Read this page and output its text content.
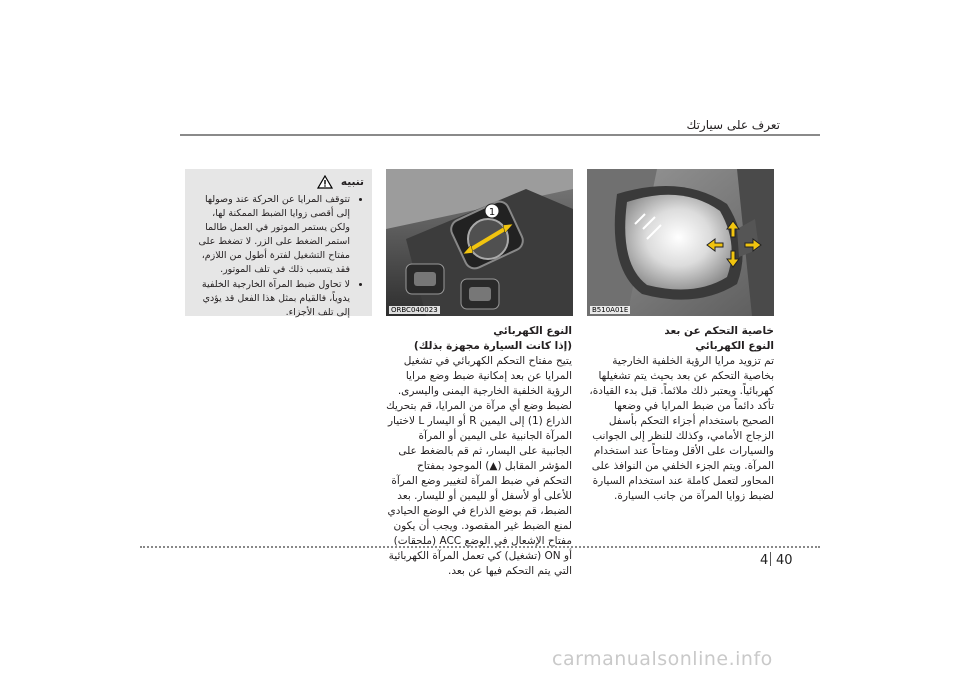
تعرف على سيارتك
B510A01E
1
ORBC040023
تنبيه
• تتوقف المرايا عن الحركة عند وصولها إلى أقصى زوايا الضبط الممكنة لها، ولكن يستمر الموتور في العمل طالما استمر الضغط على الزر. لا تضغط على مفتاح التشغيل لفترة أطول من اللازم، فقد يتسبب ذلك في تلف الموتور.
• لا تحاول ضبط المرآة الخارجية الخلفية يدوياً، فالقيام بمثل هذا الفعل قد يؤدي إلى تلف الأجزاء.
خاصية التحكم عن بعد
النوع الكهربائي

تم تزويد مرايا الرؤية الخلفية الخارجية بخاصية التحكم عن بعد بحيث يتم تشغيلها كهربائياً. ويعتبر ذلك ملائماً. قبل بدء القيادة، تأكد دائماً من ضبط المرايا في وضعها الصحيح باستخدام أجزاء التحكم بأسفل الزجاج الأمامي، وكذلك للنظر إلى الجوانب والسيارات على الأقل ومتاحاً عند استخدام المرآة. ويتم الجزء الخلفي من النوافذ على المحاور لتعمل كاملة عند استخدام السيارة لضبط زوايا المرآة من جانب السيارة.

النوع الكهربائي
(إذا كانت السيارة مجهزة بذلك)

يتيح مفتاح التحكم الكهربائي في تشغيل المرايا عن بعد إمكانية ضبط وضع مرايا الرؤية الخلفية الخارجية اليمنى واليسرى. لضبط وضع أي مرآة من المرايا، قم بتحريك الذراع (1) إلى اليمين R أو اليسار L لاختيار المرآة الجانبية على اليمين أو المرآة الجانبية على اليسار، ثم قم بالضغط على المؤشر المقابل (▲) الموجود بمفتاح التحكم في ضبط المرآة لتغيير وضع المرآة للأعلى أو لأسفل أو لليمين أو لليسار. بعد الضبط، قم بوضع الذراع في الوضع الحيادي لمنع الضبط غير المقصود. ويجب أن يكون مفتاح الإشعال في الوضع ACC (ملحقات) أو ON (تشغيل) كي تعمل المرآة الكهربائية التي يتم التحكم فيها عن بعد.

4 40
carmanualsonline.info
